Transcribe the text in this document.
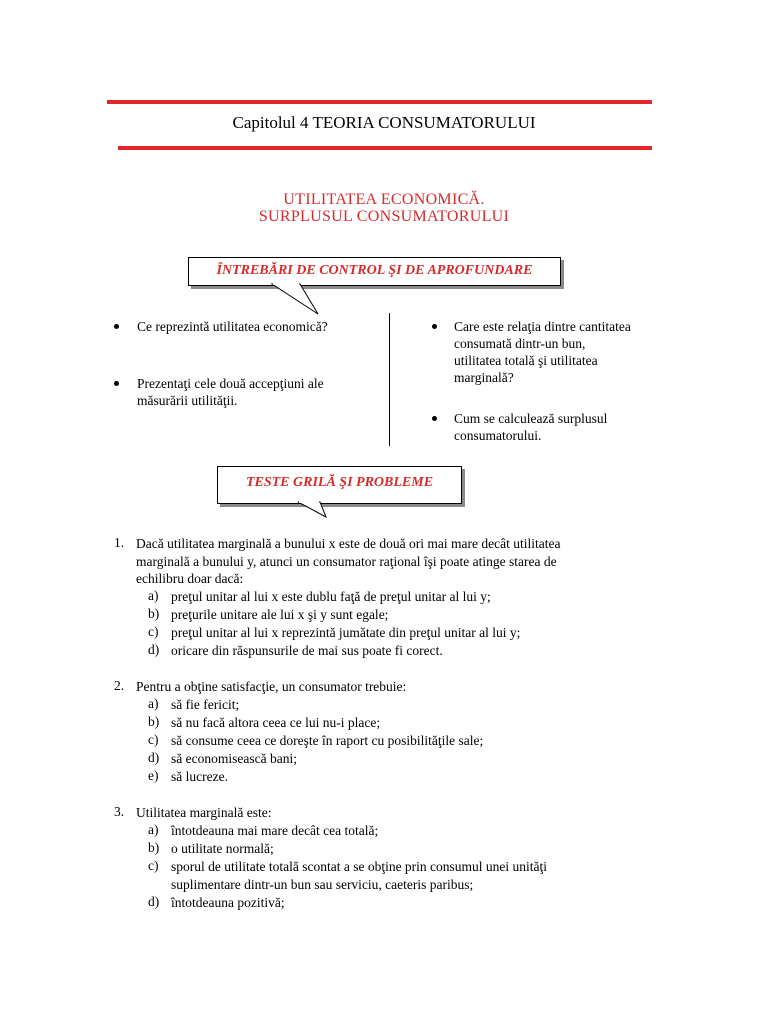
Capitolul 4 TEORIA CONSUMATORULUI
UTILITATEA ECONOMICĂ.
SURPLUSUL CONSUMATORULUI
ÎNTREBĂRI DE CONTROL ŞI DE APROFUNDARE
Ce reprezintă utilitatea economică?
Prezentaţi cele două accepţiuni ale
măsurării utilităţii.
Care este relaţia dintre cantitatea
consumată dintr-un bun,
utilitatea totală şi utilitatea
marginală?
Cum se calculează surplusul
consumatorului.
TESTE GRILĂ ŞI PROBLEME
1. Dacă utilitatea marginală a bunului x este de două ori mai mare decât utilitatea
marginală a bunului y, atunci un consumator raţional îşi poate atinge starea de
echilibru doar dacă:
a) preţul unitar al lui x este dublu faţă de preţul unitar al lui y;
b) preţurile unitare ale lui x şi y sunt egale;
c) preţul unitar al lui x reprezintă jumătate din preţul unitar al lui y;
d) oricare din răspunsurile de mai sus poate fi corect.
2. Pentru a obţine satisfacţie, un consumator trebuie:
a) să fie fericit;
b) să nu facă altora ceea ce lui nu-i place;
c) să consume ceea ce doreşte în raport cu posibilităţile sale;
d) să economisească bani;
e) să lucreze.
3. Utilitatea marginală este:
a) întotdeauna mai mare decât cea totală;
b) o utilitate normală;
c) sporul de utilitate totală scontat a se obţine prin consumul unei unităţi
suplimentare dintr-un bun sau serviciu, caeteris paribus;
d) întotdeauna pozitivă;
